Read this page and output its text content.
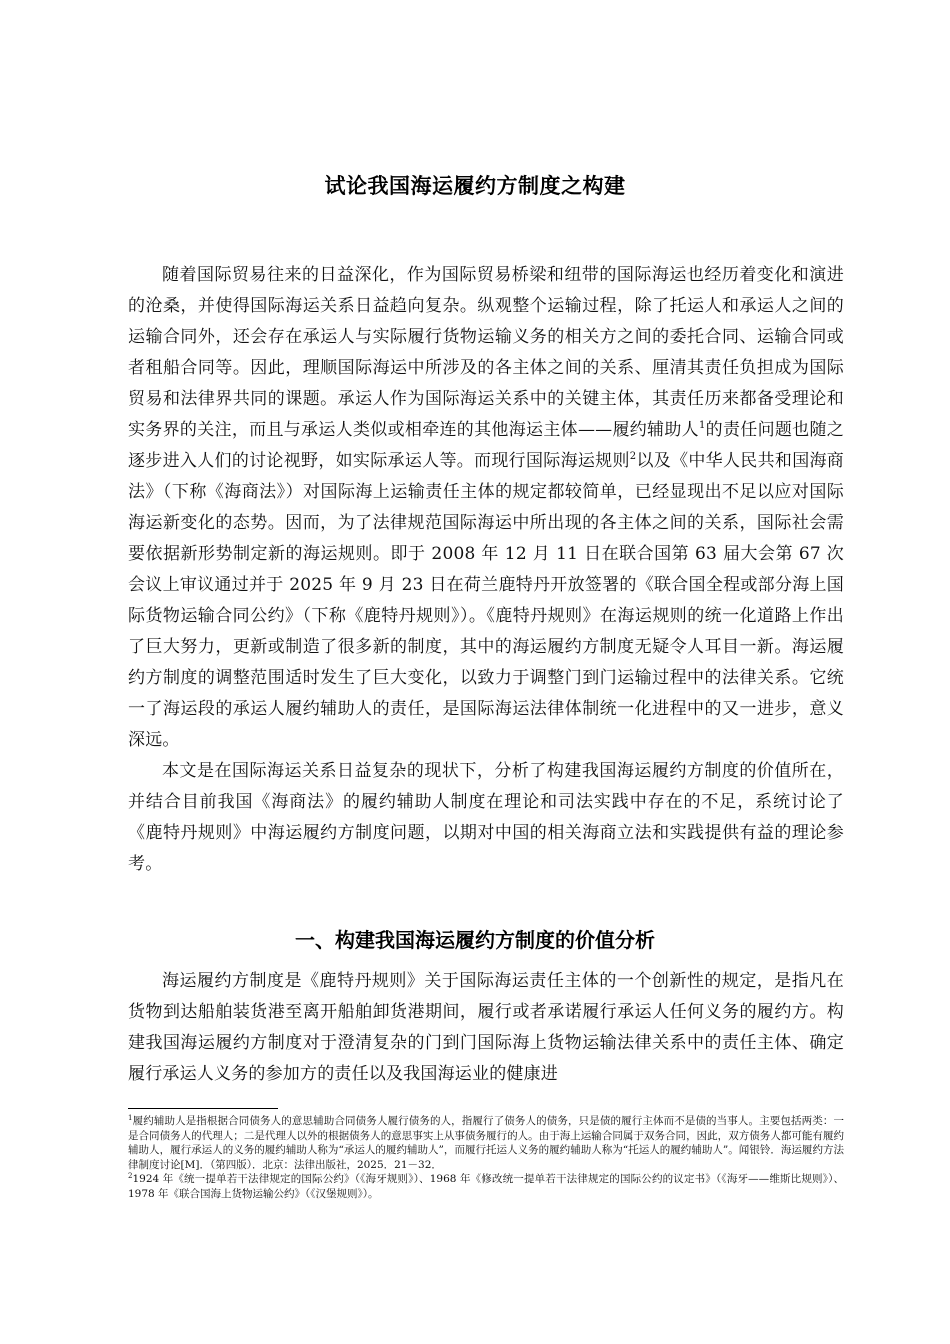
试论我国海运履约方制度之构建

随着国际贸易往来的日益深化，作为国际贸易桥梁和纽带的国际海运也经历着变化和演进的沧桑，并使得国际海运关系日益趋向复杂。纵观整个运输过程，除了托运人和承运人之间的运输合同外，还会存在承运人与实际履行货物运输义务的相关方之间的委托合同、运输合同或者租船合同等。因此，理顺国际海运中所涉及的各主体之间的关系、厘清其责任负担成为国际贸易和法律界共同的课题。承运人作为国际海运关系中的关键主体，其责任历来都备受理论和实务界的关注，而且与承运人类似或相牵连的其他海运主体——履约辅助人$^1$的责任问题也随之逐步进入人们的讨论视野，如实际承运人等。而现行国际海运规则$^2$以及《中华人民共和国海商法》（下称《海商法》）对国际海上运输责任主体的规定都较简单，已经显现出不足以应对国际海运新变化的态势。因而，为了法律规范国际海运中所出现的各主体之间的关系，国际社会需要依据新形势制定新的海运规则。即于 2008 年 12 月 11 日在联合国第 63 届大会第 67 次会议上审议通过并于 2025 年 9 月 23 日在荷兰鹿特丹开放签署的《联合国全程或部分海上国际货物运输合同公约》（下称《鹿特丹规则》）。《鹿特丹规则》在海运规则的统一化道路上作出了巨大努力，更新或制造了很多新的制度，其中的海运履约方制度无疑令人耳目一新。海运履约方制度的调整范围适时发生了巨大变化，以致力于调整门到门运输过程中的法律关系。它统一了海运段的承运人履约辅助人的责任，是国际海运法律体制统一化进程中的又一进步，意义深远。

本文是在国际海运关系日益复杂的现状下，分析了构建我国海运履约方制度的价值所在，并结合目前我国《海商法》的履约辅助人制度在理论和司法实践中存在的不足，系统讨论了《鹿特丹规则》中海运履约方制度问题，以期对中国的相关海商立法和实践提供有益的理论参考。

一、构建我国海运履约方制度的价值分析

海运履约方制度是《鹿特丹规则》关于国际海运责任主体的一个创新性的规定，是指凡在货物到达船舶装货港至离开船舶卸货港期间，履行或者承诺履行承运人任何义务的履约方。构建我国海运履约方制度对于澄清复杂的门到门国际海上货物运输法律关系中的责任主体、确定履行承运人义务的参加方的责任以及我国海运业的健康进

$^1$履约辅助人是指根据合同债务人的意思辅助合同债务人履行债务的人，指履行了债务人的债务，只是债的履行主体而不是债的当事人。主要包括两类：一是合同债务人的代理人；二是代理人以外的根据债务人的意思事实上从事债务履行的人。由于海上运输合同属于双务合同，因此，双方债务人都可能有履约辅助人，履行承运人的义务的履约辅助人称为“承运人的履约辅助人”，而履行托运人义务的履约辅助人称为“托运人的履约辅助人”。闻银铃．海运履约方法律制度讨论[M]．（第四版）．北京：法律出版社，2025．21－32．

$^2$1924 年《统一提单若干法律规定的国际公约》（《海牙规则》）、1968 年《修改统一提单若干法律规定的国际公约的议定书》（《海牙——维斯比规则》）、1978 年《联合国海上货物运输公约》（《汉堡规则》）。
